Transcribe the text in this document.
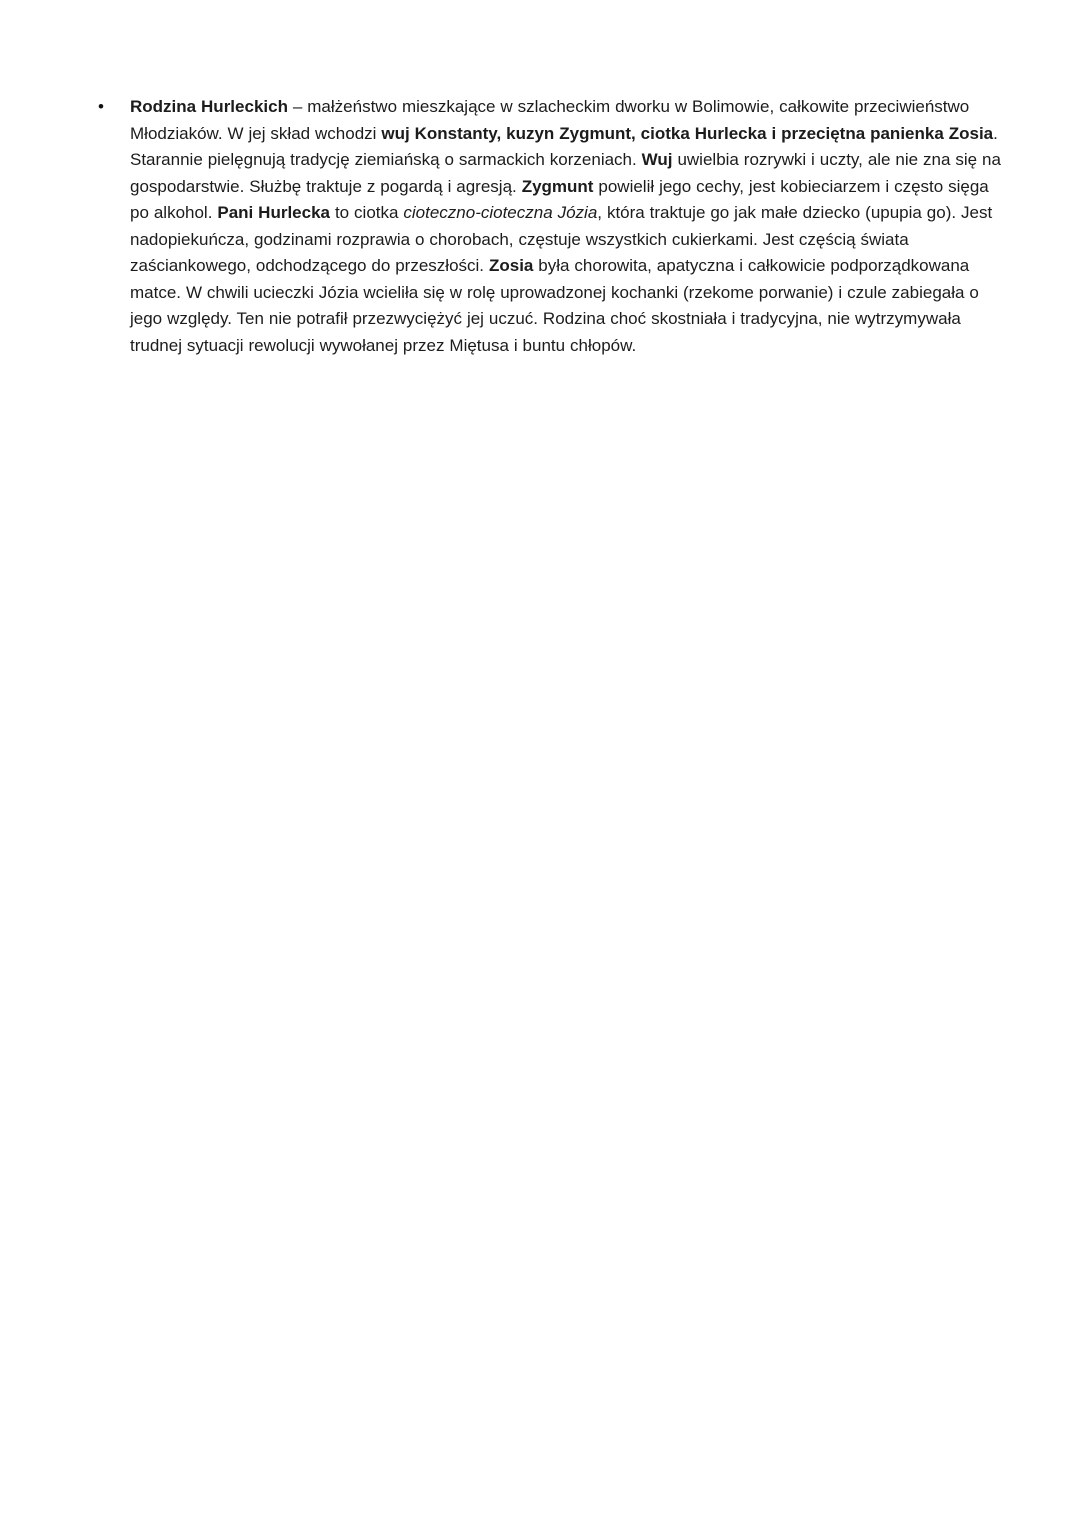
•	Rodzina Hurleckich – małżeństwo mieszkające w szlacheckim dworku w Bolimowie, całkowite przeciwieństwo Młodziaków. W jej skład wchodzi wuj Konstanty, kuzyn Zygmunt, ciotka Hurlecka i przeciętna panienka Zosia. Starannie pielęgnują tradycję ziemiańską o sarmackich korzeniach. Wuj uwielbia rozrywki i uczty, ale nie zna się na gospodarstwie. Służbę traktuje z pogardą i agresją. Zygmunt powielił jego cechy, jest kobieciarzem i często sięga po alkohol. Pani Hurlecka to ciotka cioteczno-cioteczna Józia, która traktuje go jak małe dziecko (upupia go). Jest nadopiekuńcza, godzinami rozprawia o chorobach, częstuje wszystkich cukierkami. Jest częścią świata zaściankowego, odchodzącego do przeszłości. Zosia była chorowita, apatyczna i całkowicie podporządkowana matce. W chwili ucieczki Józia wcieliła się w rolę uprowadzonej kochanki (rzekome porwanie) i czule zabiegała o jego względy. Ten nie potrafił przezwyciężyć jej uczuć. Rodzina choć skostniała i tradycyjna, nie wytrzymywała trudnej sytuacji rewolucji wywołanej przez Miętusa i buntu chłopów.
